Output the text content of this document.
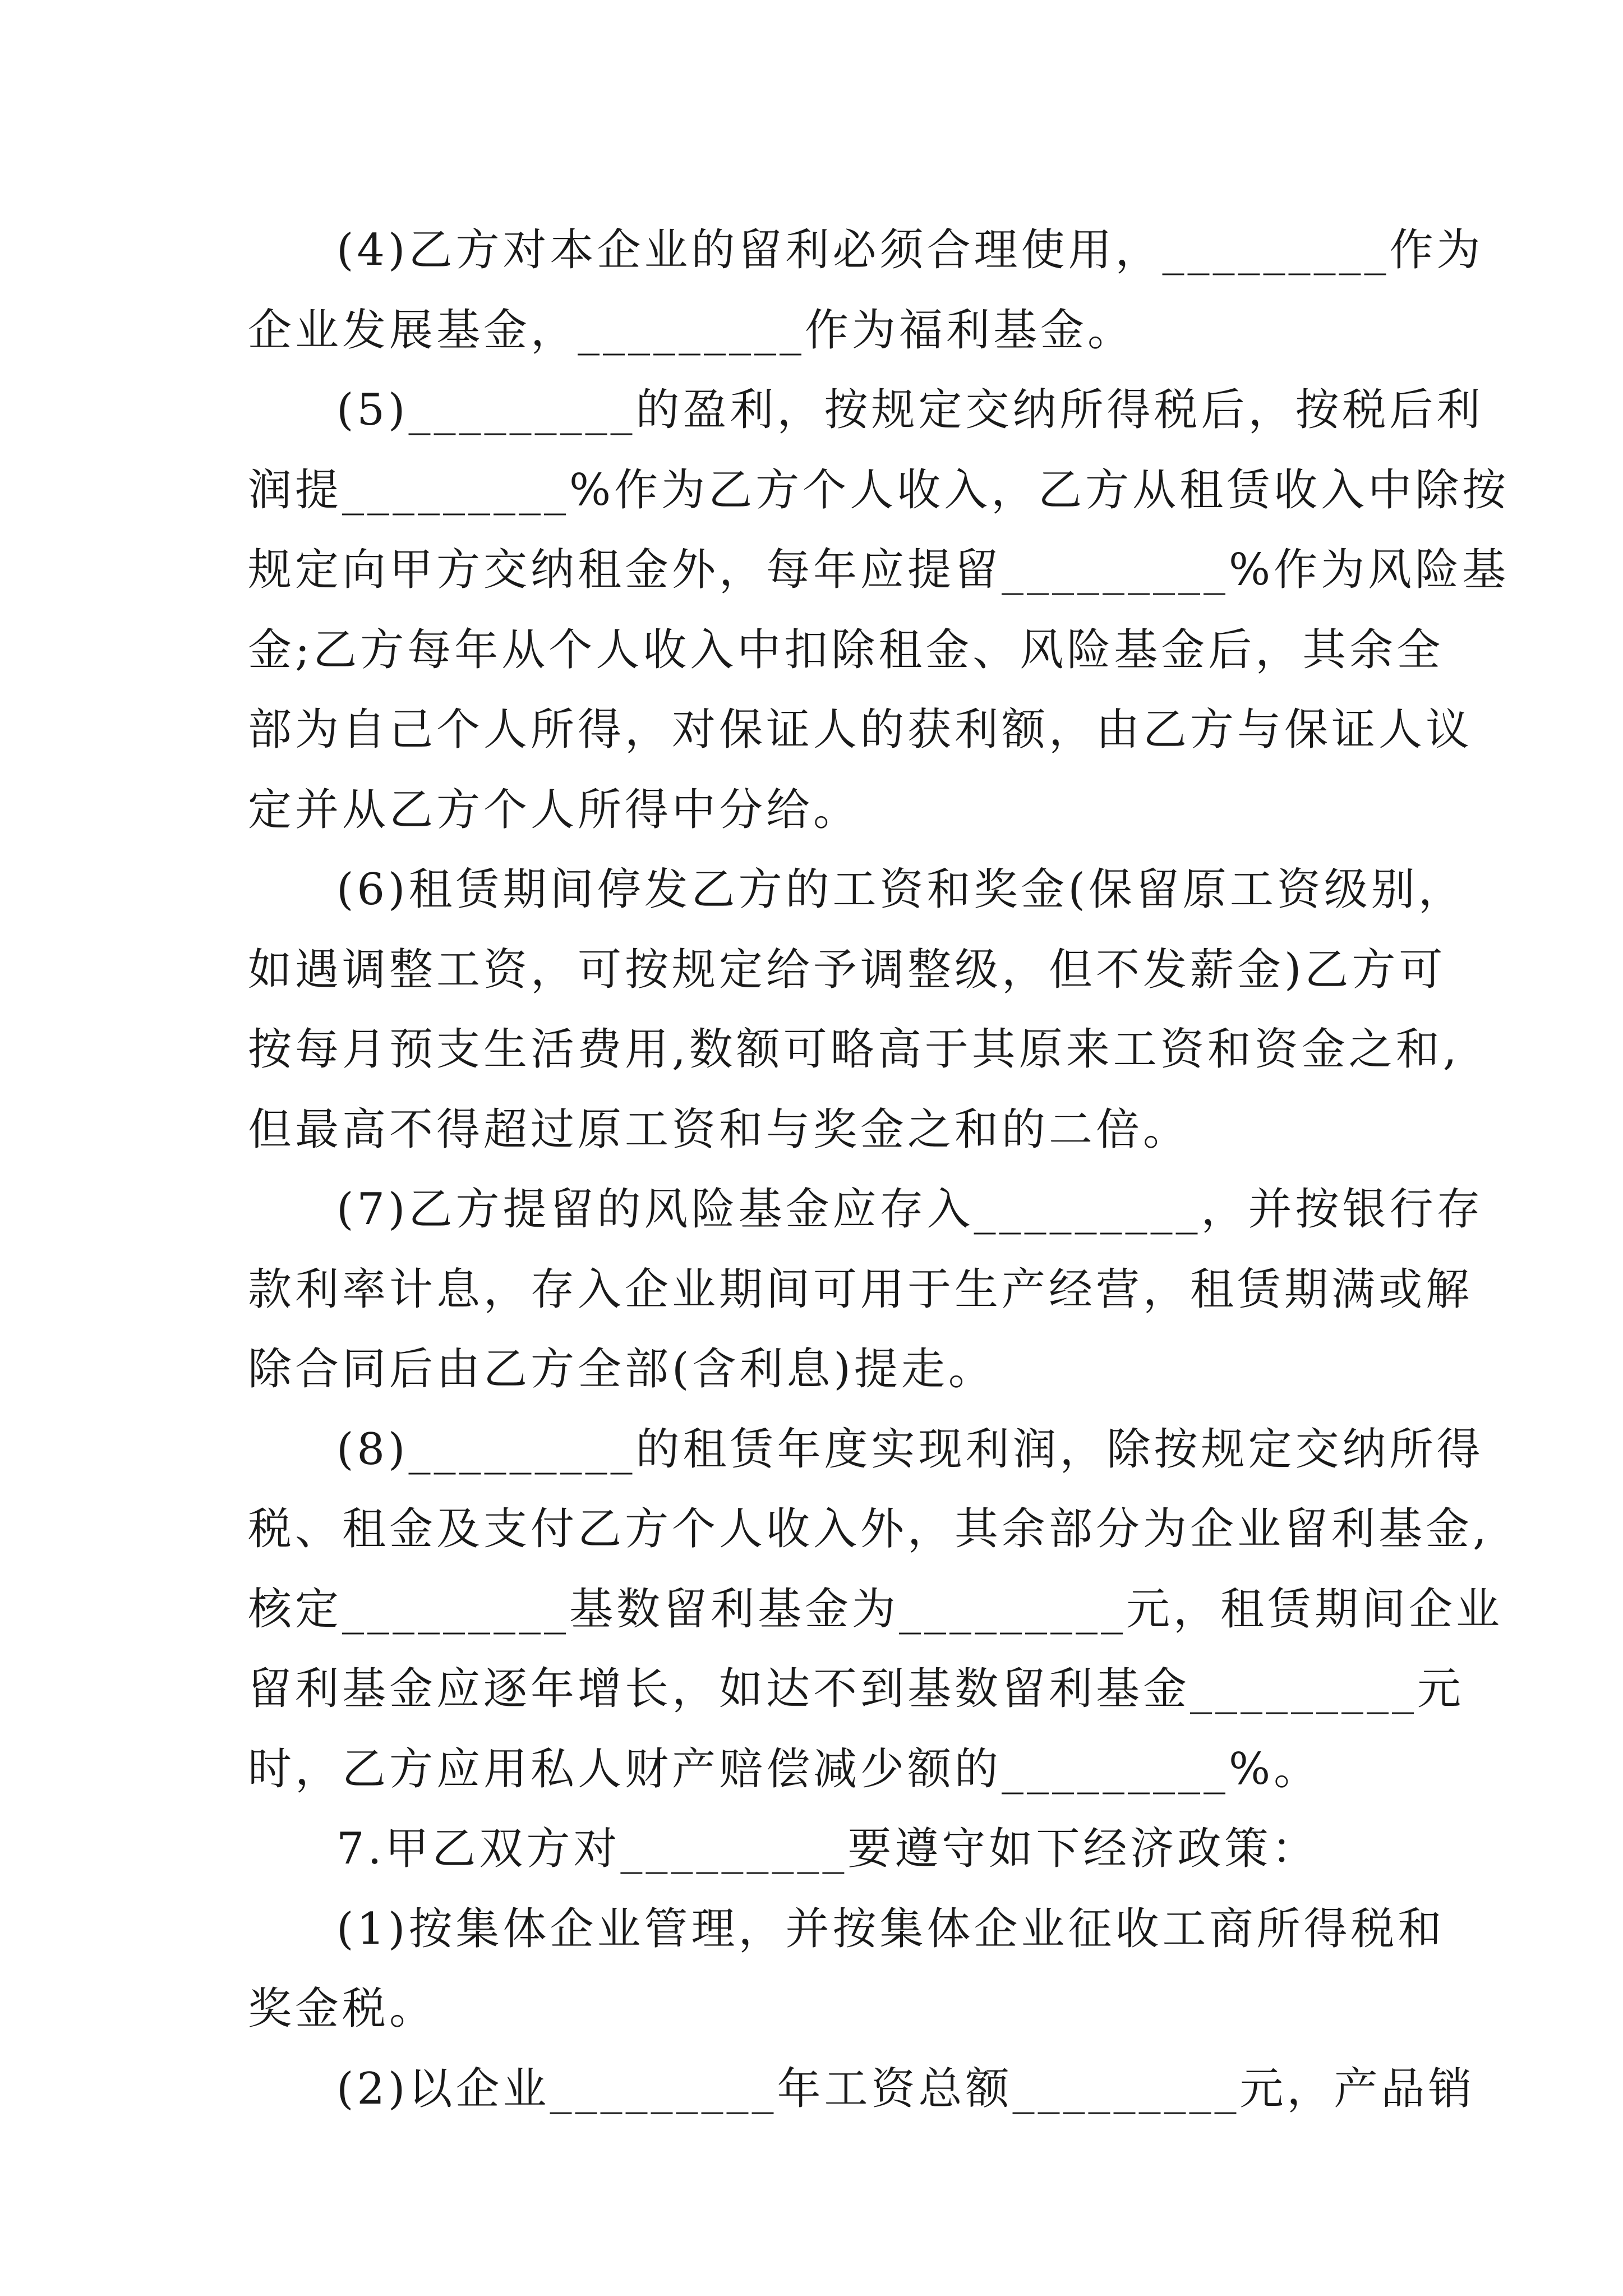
(4)乙方对本企业的留利必须合理使用，_________作为
企业发展基金，_________作为福利基金。
(5)_________的盈利，按规定交纳所得税后，按税后利
润提_________%作为乙方个人收入，乙方从租赁收入中除按
规定向甲方交纳租金外，每年应提留_________%作为风险基
金;乙方每年从个人收入中扣除租金、风险基金后，其余全
部为自己个人所得，对保证人的获利额，由乙方与保证人议
定并从乙方个人所得中分给。
(6)租赁期间停发乙方的工资和奖金(保留原工资级别，
如遇调整工资，可按规定给予调整级，但不发薪金)乙方可
按每月预支生活费用,数额可略高于其原来工资和资金之和,
但最高不得超过原工资和与奖金之和的二倍。
(7)乙方提留的风险基金应存入_________，并按银行存
款利率计息，存入企业期间可用于生产经营，租赁期满或解
除合同后由乙方全部(含利息)提走。
(8)_________的租赁年度实现利润，除按规定交纳所得
税、租金及支付乙方个人收入外，其余部分为企业留利基金,
核定_________基数留利基金为_________元，租赁期间企业
留利基金应逐年增长，如达不到基数留利基金_________元
时，乙方应用私人财产赔偿减少额的_________%。
7.甲乙双方对_________要遵守如下经济政策：
(1)按集体企业管理，并按集体企业征收工商所得税和
奖金税。
(2)以企业_________年工资总额_________元，产品销
